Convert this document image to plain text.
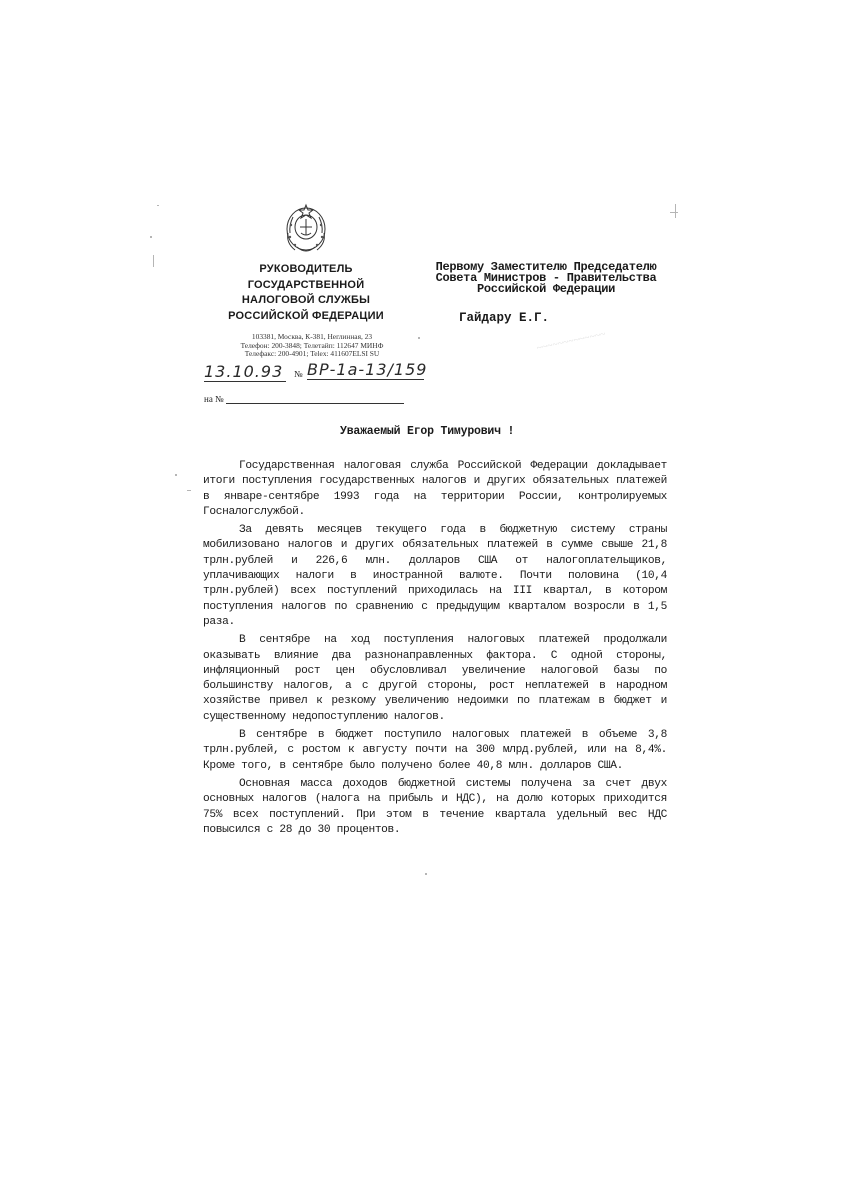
РУКОВОДИТЕЛЬ
ГОСУДАРСТВЕННОЙ
НАЛОГОВОЙ СЛУЖБЫ
РОССИЙСКОЙ ФЕДЕРАЦИИ
103381, Москва, К-381, Неглинная, 23
Телефон: 200-3848; Телетайп: 112647 МИНФ
Телефакс: 200-4901; Telex: 411607ELSI SU
13.10.93	№ ВР-1а-13/159
на №
Первому Заместителю Председателю
Совета Министров - Правительства
Российской Федерации
Гайдару Е.Г.
~~~~~~~~~~~~~
Уважаемый Егор Тимурович !

Государственная налоговая служба Российской Федерации докладывает итоги поступления государственных налогов и других обязательных платежей в январе-сентябре 1993 года на территории России, контролируемых Госналогслужбой.

За девять месяцев текущего года в бюджетную систему страны мобилизовано налогов и других обязательных платежей в сумме свыше 21,8 трлн.рублей и 226,6 млн. долларов США от налогоплательщиков, уплачивающих налоги в иностранной валюте. Почти половина (10,4 трлн.рублей) всех поступлений приходилась на III квартал, в котором поступления налогов по сравнению с предыдущим кварталом возросли в 1,5 раза.

В сентябре на ход поступления налоговых платежей продолжали оказывать влияние два разнонаправленных фактора. С одной стороны, инфляционный рост цен обусловливал увеличение налоговой базы по большинству налогов, а с другой стороны, рост неплатежей в народном хозяйстве привел к резкому увеличению недоимки по платежам в бюджет и существенному недопоступлению налогов.

В сентябре в бюджет поступило налоговых платежей в объеме 3,8 трлн.рублей, с ростом к августу почти на 300 млрд.рублей, или на 8,4%. Кроме того, в сентябре было получено более 40,8 млн. долларов США.

Основная масса доходов бюджетной системы получена за счет двух основных налогов (налога на прибыль и НДС), на долю которых приходится 75% всех поступлений. При этом в течение квартала удельный вес НДС повысился с 28 до 30 процентов.
